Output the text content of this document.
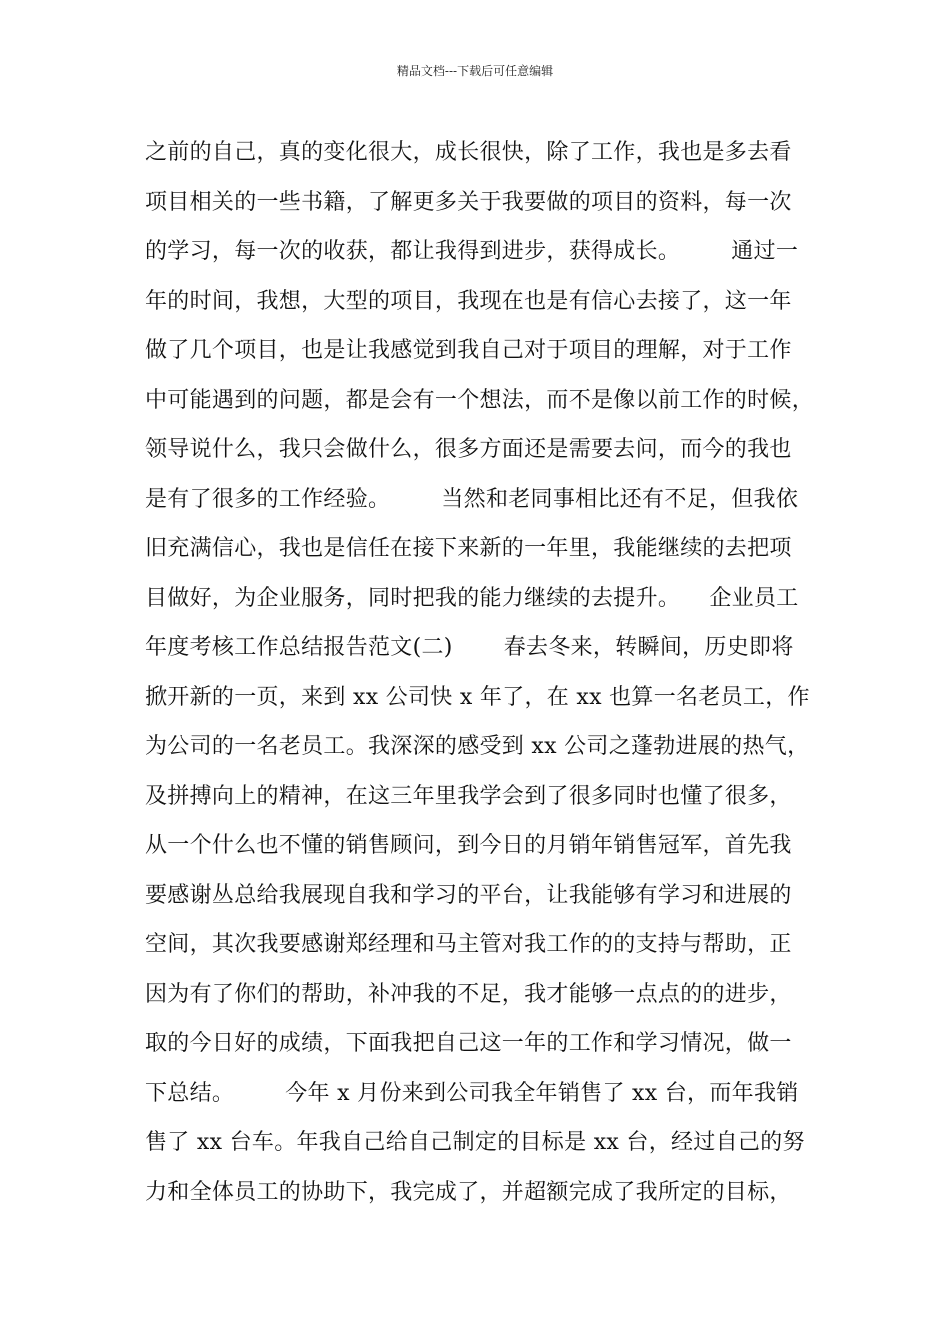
精品文档---下载后可任意编辑
之前的自己，真的变化很大，成长很快，除了工作，我也是多去看
项目相关的一些书籍，了解更多关于我要做的项目的资料，每一次
的学习，每一次的收获，都让我得到进步，获得成长。       通过一
年的时间，我想，大型的项目，我现在也是有信心去接了，这一年
做了几个项目，也是让我感觉到我自己对于项目的理解，对于工作
中可能遇到的问题，都是会有一个想法，而不是像以前工作的时候，
领导说什么，我只会做什么，很多方面还是需要去问，而今的我也
是有了很多的工作经验。       当然和老同事相比还有不足，但我依
旧充满信心，我也是信任在接下来新的一年里，我能继续的去把项
目做好，为企业服务，同时把我的能力继续的去提升。    企业员工
年度考核工作总结报告范文(二)       春去冬来，转瞬间，历史即将
掀开新的一页，来到 xx 公司快 x 年了，在 xx 也算一名老员工，作
为公司的一名老员工。我深深的感受到 xx 公司之蓬勃进展的热气，
及拼搏向上的精神，在这三年里我学会到了很多同时也懂了很多，
从一个什么也不懂的销售顾问，到今日的月销年销售冠军，首先我
要感谢丛总给我展现自我和学习的平台，让我能够有学习和进展的
空间，其次我要感谢郑经理和马主管对我工作的的支持与帮助，正
因为有了你们的帮助，补冲我的不足，我才能够一点点的的进步，
取的今日好的成绩，下面我把自己这一年的工作和学习情况，做一
下总结。       今年 x 月份来到公司我全年销售了 xx 台，而年我销
售了 xx 台车。年我自己给自己制定的目标是 xx 台，经过自己的努
力和全体员工的协助下，我完成了，并超额完成了我所定的目标，
